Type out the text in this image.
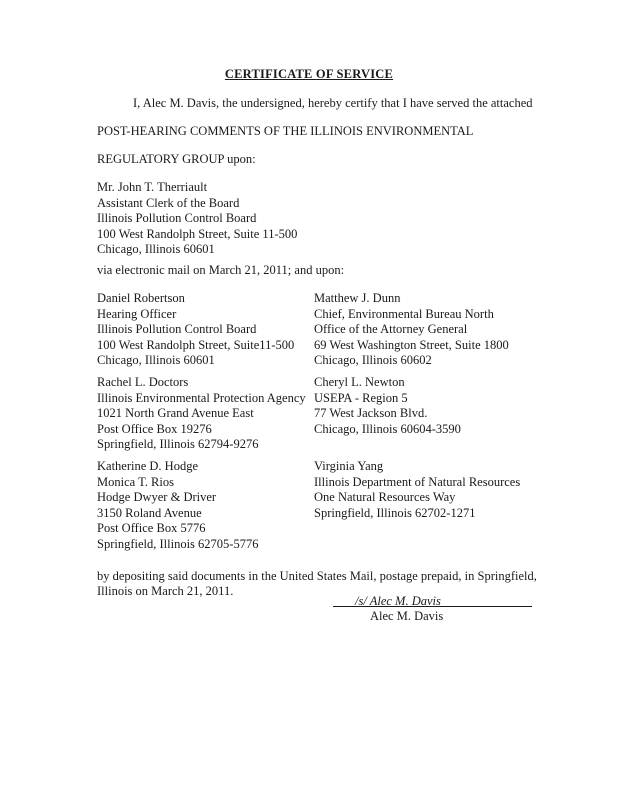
CERTIFICATE OF SERVICE
I, Alec M. Davis, the undersigned, hereby certify that I have served the attached
POST-HEARING COMMENTS OF THE ILLINOIS ENVIRONMENTAL
REGULATORY GROUP upon:
Mr. John T. Therriault
Assistant Clerk of the Board
Illinois Pollution Control Board
100 West Randolph Street, Suite 11-500
Chicago, Illinois 60601
via electronic mail on March 21, 2011; and upon:
Daniel Robertson
Hearing Officer
Illinois Pollution Control Board
100 West Randolph Street, Suite11-500
Chicago, Illinois 60601
Rachel L. Doctors
Illinois Environmental Protection Agency
1021 North Grand Avenue East
Post Office Box 19276
Springfield, Illinois 62794-9276
Katherine D. Hodge
Monica T. Rios
Hodge Dwyer & Driver
3150 Roland Avenue
Post Office Box 5776
Springfield, Illinois 62705-5776
Matthew J. Dunn
Chief, Environmental Bureau North
Office of the Attorney General
69 West Washington Street, Suite 1800
Chicago, Illinois 60602
Cheryl L. Newton
USEPA - Region 5
77 West Jackson Blvd.
Chicago, Illinois 60604-3590
Virginia Yang
Illinois Department of Natural Resources
One Natural Resources Way
Springfield, Illinois 62702-1271
by depositing said documents in the United States Mail, postage prepaid, in Springfield,
Illinois on March 21, 2011.
/s/ Alec M. Davis
Alec M. Davis
